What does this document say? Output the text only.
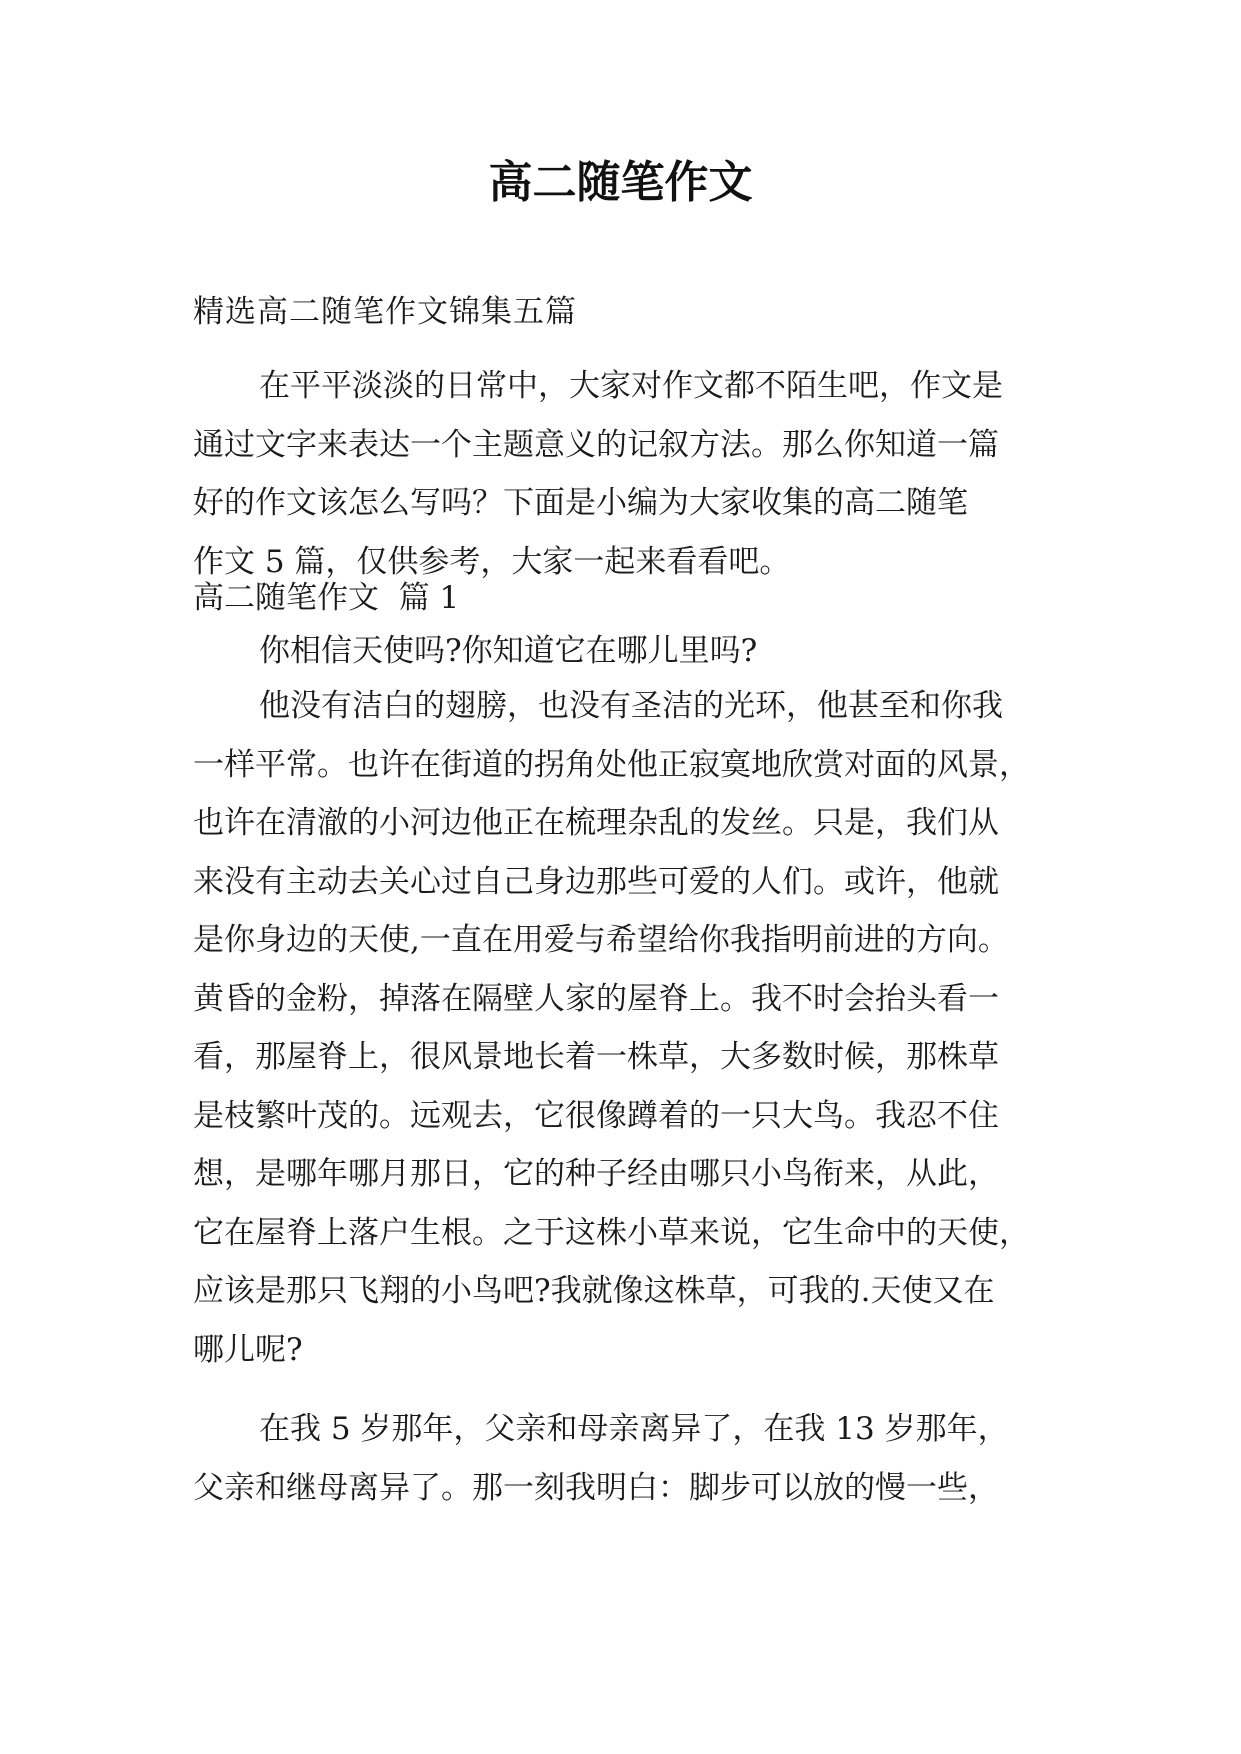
高二随笔作文
精选高二随笔作文锦集五篇
在平平淡淡的日常中，大家对作文都不陌生吧，作文是
通过文字来表达一个主题意义的记叙方法。那么你知道一篇
好的作文该怎么写吗？下面是小编为大家收集的高二随笔
作文 5 篇，仅供参考，大家一起来看看吧。
高二随笔作文  篇 1
你相信天使吗?你知道它在哪儿里吗?
他没有洁白的翅膀，也没有圣洁的光环，他甚至和你我
一样平常。也许在街道的拐角处他正寂寞地欣赏对面的风景，
也许在清澈的小河边他正在梳理杂乱的发丝。只是，我们从
来没有主动去关心过自己身边那些可爱的人们。或许，他就
是你身边的天使,一直在用爱与希望给你我指明前进的方向。
黄昏的金粉，掉落在隔壁人家的屋脊上。我不时会抬头看一
看，那屋脊上，很风景地长着一株草，大多数时候，那株草
是枝繁叶茂的。远观去，它很像蹲着的一只大鸟。我忍不住
想，是哪年哪月那日，它的种子经由哪只小鸟衔来，从此，
它在屋脊上落户生根。之于这株小草来说，它生命中的天使，
应该是那只飞翔的小鸟吧?我就像这株草，可我的.天使又在
哪儿呢?
在我 5 岁那年，父亲和母亲离异了，在我 13 岁那年，
父亲和继母离异了。那一刻我明白：脚步可以放的慢一些，
